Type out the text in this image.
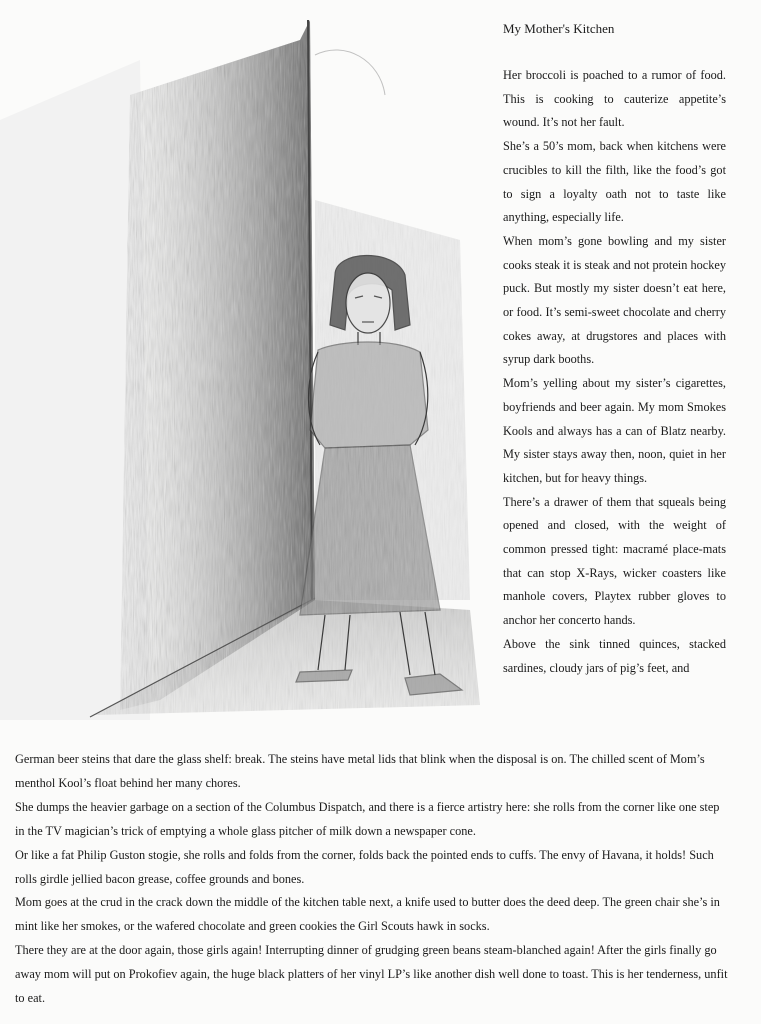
My Mother's Kitchen

Her broccoli is poached to a rumor of food. This is cooking to cauterize appetite’s wound. It’s not her fault.

She’s a 50’s mom, back when kitchens were crucibles to kill the filth, like the food’s got to sign a loyalty oath not to taste like anything, especially life.

When mom’s gone bowling and my sister cooks steak it is steak and not protein hockey puck. But mostly my sister doesn’t eat here, or food. It’s semi-sweet chocolate and cherry cokes away, at drugstores and places with syrup dark booths.

Mom’s yelling about my sister’s cigarettes, boyfriends and beer again. My mom Smokes Kools and always has a can of Blatz nearby. My sister stays away then, noon, quiet in her kitchen, but for heavy things.

There’s a drawer of them that squeals being opened and closed, with the weight of common pressed tight: macramé place-mats that can stop X-Rays, wicker coasters like manhole covers, Playtex rubber gloves to anchor her concerto hands.

Above the sink tinned quinces, stacked sardines, cloudy jars of pig’s feet, and

German beer steins that dare the glass shelf: break. The steins have metal lids that blink when the disposal is on. The chilled scent of Mom’s menthol Kool’s float behind her many chores.

She dumps the heavier garbage on a section of the Columbus Dispatch, and there is a fierce artistry here: she rolls from the corner like one step in the TV magician’s trick of emptying a whole glass pitcher of milk down a newspaper cone.

Or like a fat Philip Guston stogie, she rolls and folds from the corner, folds back the pointed ends to cuffs. The envy of Havana, it holds! Such rolls girdle jellied bacon grease, coffee grounds and bones.

Mom goes at the crud in the crack down the middle of the kitchen table next, a knife used to butter does the deed deep. The green chair she’s in mint like her smokes, or the wafered chocolate and green cookies the Girl Scouts hawk in socks.

There they are at the door again, those girls again! Interrupting dinner of grudging green beans steam-blanched again! After the girls finally go away mom will put on Prokofiev again, the huge black platters of her vinyl LP’s like another dish well done to toast. This is her tenderness, unfit to eat.
